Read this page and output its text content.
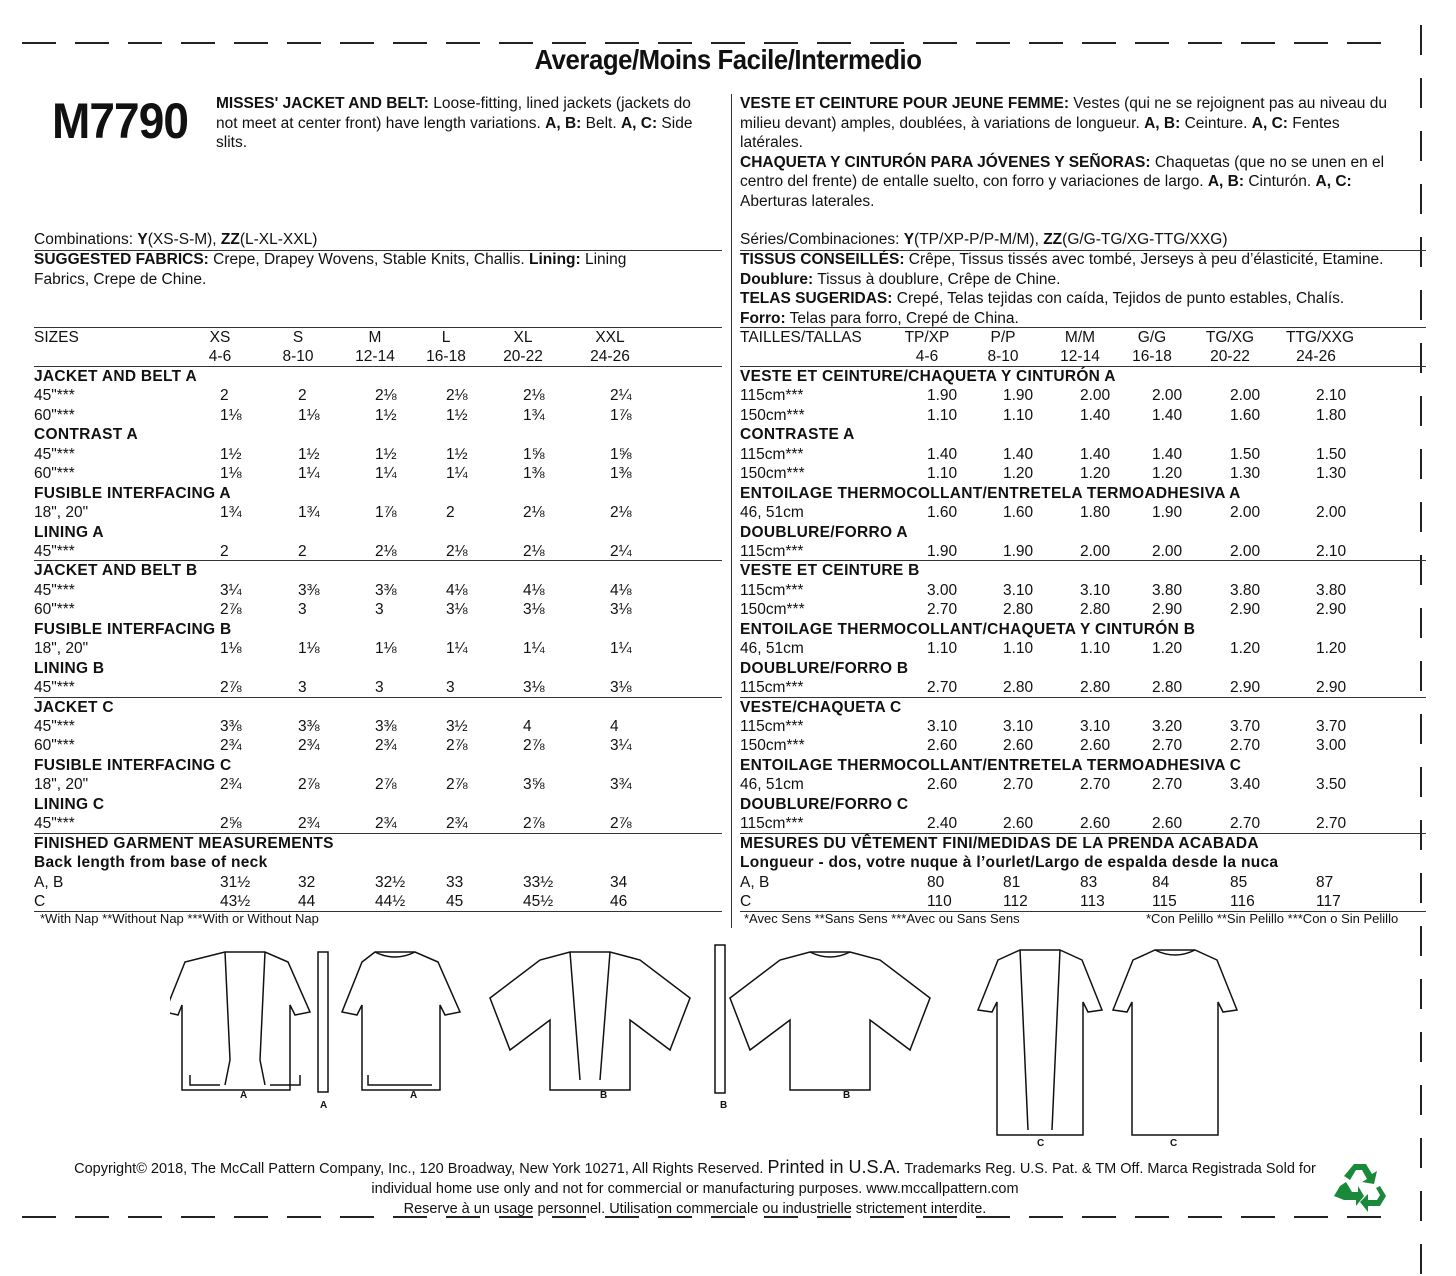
Average/Moins Facile/Intermedio
M7790 MISSES' JACKET AND BELT: Loose-fitting, lined jackets (jackets do
not meet at center front) have length variations. A, B: Belt. A, C: Side
slits.
VESTE ET CEINTURE POUR JEUNE FEMME: Vestes (qui ne se rejoignent pas au niveau du
milieu devant) amples, doublées, à variations de longueur. A, B: Ceinture. A, C: Fentes
latérales.
CHAQUETA Y CINTURÓN PARA JÓVENES Y SEÑORAS: Chaquetas (que no se unen en el
centro del frente) de entalle suelto, con forro y variaciones de largo. A, B: Cinturón. A, C:
Aberturas laterales.
Combinations: Y(XS-S-M), ZZ(L-XL-XXL)	Séries/Combinaciones: Y(TP/XP-P/P-M/M), ZZ(G/G-TG/XG-TTG/XXG)
SUGGESTED FABRICS: Crepe, Drapey Wovens, Stable Knits, Challis. Lining: Lining
Fabrics, Crepe de Chine.
TISSUS CONSEILLÉS: Crêpe, Tissus tissés avec tombé, Jerseys à peu d’élasticité, Etamine.
Doublure: Tissus à doublure, Crêpe de Chine.
TELAS SUGERIDAS: Crepé, Telas tejidas con caída, Tejidos de punto estables, Chalís.
Forro: Telas para forro, Crepé de China.
SIZES	XS	S	M	L	XL	XXL
4-6	8-10	12-14	16-18	20-22	24-26
JACKET AND BELT A
45"***	2	2	2⅛	2⅛	2⅛	2¼
60"***	1⅛	1⅛	1½	1½	1¾	1⅞
CONTRAST A
45"***	1½	1½	1½	1½	1⅝	1⅝
60"***	1⅛	1¼	1¼	1¼	1⅜	1⅜
FUSIBLE INTERFACING A
18", 20"	1¾	1¾	1⅞	2	2⅛	2⅛
LINING A
45"***	2	2	2⅛	2⅛	2⅛	2¼
JACKET AND BELT B
45"***	3¼	3⅜	3⅜	4⅛	4⅛	4⅛
60"***	2⅞	3	3	3⅛	3⅛	3⅛
FUSIBLE INTERFACING B
18", 20"	1⅛	1⅛	1⅛	1¼	1¼	1¼
LINING B
45"***	2⅞	3	3	3	3⅛	3⅛
JACKET C
45"***	3⅜	3⅜	3⅜	3½	4	4
60"***	2¾	2¾	2¾	2⅞	2⅞	3¼
FUSIBLE INTERFACING C
18", 20"	2¾	2⅞	2⅞	2⅞	3⅝	3¾
LINING C
45"***	2⅝	2¾	2¾	2¾	2⅞	2⅞
FINISHED GARMENT MEASUREMENTS
Back length from base of neck
A, B	31½	32	32½	33	33½	34
C	43½	44	44½	45	45½	46
TAILLES/TALLAS	TP/XP	P/P	M/M	G/G	TG/XG	TTG/XXG
4-6	8-10	12-14	16-18	20-22	24-26
VESTE ET CEINTURE/CHAQUETA Y CINTURÓN A
115cm***	1.90	1.90	2.00	2.00	2.00	2.10
150cm***	1.10	1.10	1.40	1.40	1.60	1.80
CONTRASTE A
115cm***	1.40	1.40	1.40	1.40	1.50	1.50
150cm***	1.10	1.20	1.20	1.20	1.30	1.30
ENTOILAGE THERMOCOLLANT/ENTRETELA TERMOADHESIVA A
46, 51cm	1.60	1.60	1.80	1.90	2.00	2.00
DOUBLURE/FORRO A
115cm***	1.90	1.90	2.00	2.00	2.00	2.10
VESTE ET CEINTURE B
115cm***	3.00	3.10	3.10	3.80	3.80	3.80
150cm***	2.70	2.80	2.80	2.90	2.90	2.90
ENTOILAGE THERMOCOLLANT/CHAQUETA Y CINTURÓN B
46, 51cm	1.10	1.10	1.10	1.20	1.20	1.20
DOUBLURE/FORRO B
115cm***	2.70	2.80	2.80	2.80	2.90	2.90
VESTE/CHAQUETA C
115cm***	3.10	3.10	3.10	3.20	3.70	3.70
150cm***	2.60	2.60	2.60	2.70	2.70	3.00
ENTOILAGE THERMOCOLLANT/ENTRETELA TERMOADHESIVA C
46, 51cm	2.60	2.70	2.70	2.70	3.40	3.50
DOUBLURE/FORRO C
115cm***	2.40	2.60	2.60	2.60	2.70	2.70
MESURES DU VÊTEMENT FINI/MEDIDAS DE LA PRENDA ACABADA
Longueur - dos, votre nuque à l’ourlet/Largo de espalda desde la nuca
A, B	80	81	83	84	85	87
C	110	112	113	115	116	117
A
A
A	B
B
B
C	C
Copyright© 2018, The McCall Pattern Company, Inc., 120 Broadway, New York 10271, All Rights Reserved. Printed in U.S.A. Trademarks Reg. U.S. Pat. & TM Off. Marca Registrada Sold for
individual home use only and not for commercial or manufacturing purposes. www.mccallpattern.com
Reserve à un usage personnel. Utilisation commerciale ou industrielle strictement interdite.
*With Nap **Without Nap ***With or Without Nap	*Avec Sens **Sans Sens ***Avec ou Sans Sens	*Con Pelillo **Sin Pelillo ***Con o Sin Pelillo
